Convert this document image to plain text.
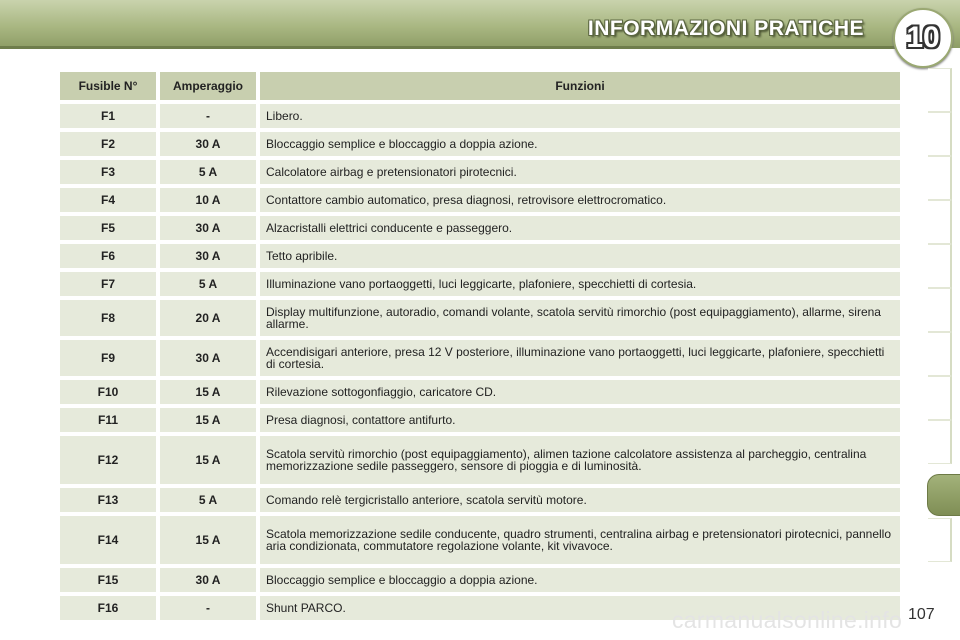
INFORMAZIONI PRATICHE	10
Fusible N°	Amperaggio	Funzioni
F1	-	Libero.
F2	30 A	Bloccaggio semplice e bloccaggio a doppia azione.
F3	5 A	Calcolatore airbag e pretensionatori pirotecnici.
F4	10 A	Contattore cambio automatico, presa diagnosi, retrovisore elettrocromatico.
F5	30 A	Alzacristalli elettrici conducente e passeggero.
F6	30 A	Tetto apribile.
F7	5 A	Illuminazione vano portaoggetti, luci leggicarte, plafoniere, specchietti di cortesia.
F8	20 A	Display multifunzione, autoradio, comandi volante, scatola servitù rimorchio (post equipaggiamento), allarme, sirena allarme.
F9	30 A	Accendisigari anteriore, presa 12 V posteriore, illuminazione vano portaoggetti, luci leggicarte, plafoniere, specchietti di cortesia.
F10	15 A	Rilevazione sottogonfiaggio, caricatore CD.
F11	15 A	Presa diagnosi, contattore antifurto.
F12	15 A	Scatola servitù rimorchio (post equipaggiamento), alimen tazione calcolatore assistenza al parcheggio, centralina memorizzazione sedile passeggero, sensore di pioggia e di luminosità.
F13	5 A	Comando relè tergicristallo anteriore, scatola servitù motore.
F14	15 A	Scatola memorizzazione sedile conducente, quadro strumenti, centralina airbag e pretensionatori pirotecnici, pannello aria condizionata, commutatore regolazione volante, kit vivavoce.
F15	30 A	Bloccaggio semplice e bloccaggio a doppia azione.
F16	-	Shunt PARCO.	107
carmanualsonline.info
